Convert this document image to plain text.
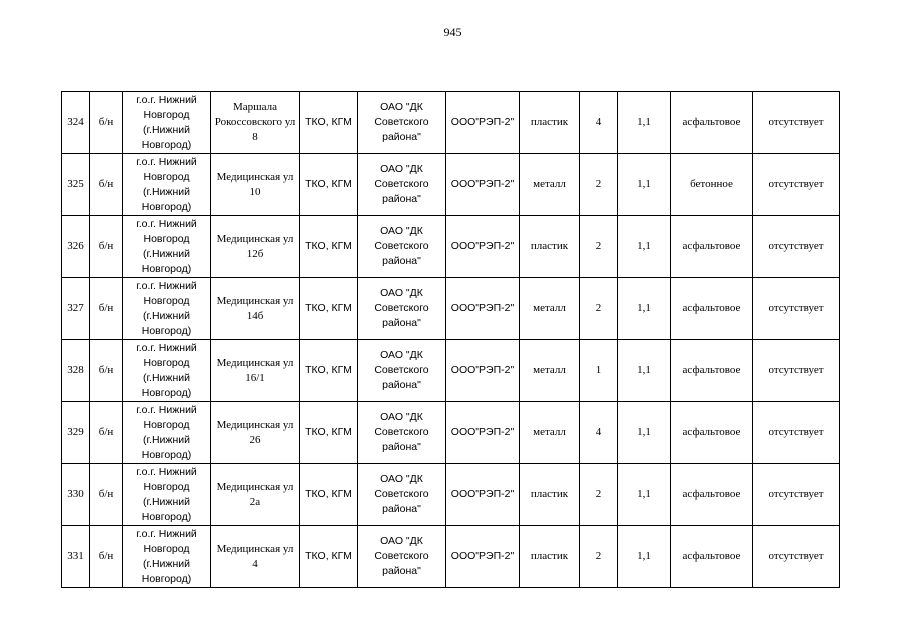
945
324	б/н	г.о.г. Нижний Новгород (г.Нижний Новгород)	Маршала Рокоссовского ул 8	ТКО, КГМ	ОАО "ДК Советского района"	ООО"РЭП-2"	пластик	4	1,1	асфальтовое	отсутствует
325	б/н	г.о.г. Нижний Новгород (г.Нижний Новгород)	Медицинская ул 10	ТКО, КГМ	ОАО "ДК Советского района"	ООО"РЭП-2"	металл	2	1,1	бетонное	отсутствует
326	б/н	г.о.г. Нижний Новгород (г.Нижний Новгород)	Медицинская ул 12б	ТКО, КГМ	ОАО "ДК Советского района"	ООО"РЭП-2"	пластик	2	1,1	асфальтовое	отсутствует
327	б/н	г.о.г. Нижний Новгород (г.Нижний Новгород)	Медицинская ул 14б	ТКО, КГМ	ОАО "ДК Советского района"	ООО"РЭП-2"	металл	2	1,1	асфальтовое	отсутствует
328	б/н	г.о.г. Нижний Новгород (г.Нижний Новгород)	Медицинская ул 16/1	ТКО, КГМ	ОАО "ДК Советского района"	ООО"РЭП-2"	металл	1	1,1	асфальтовое	отсутствует
329	б/н	г.о.г. Нижний Новгород (г.Нижний Новгород)	Медицинская ул 26	ТКО, КГМ	ОАО "ДК Советского района"	ООО"РЭП-2"	металл	4	1,1	асфальтовое	отсутствует
330	б/н	г.о.г. Нижний Новгород (г.Нижний Новгород)	Медицинская ул 2а	ТКО, КГМ	ОАО "ДК Советского района"	ООО"РЭП-2"	пластик	2	1,1	асфальтовое	отсутствует
331	б/н	г.о.г. Нижний Новгород (г.Нижний Новгород)	Медицинская ул 4	ТКО, КГМ	ОАО "ДК Советского района"	ООО"РЭП-2"	пластик	2	1,1	асфальтовое	отсутствует
